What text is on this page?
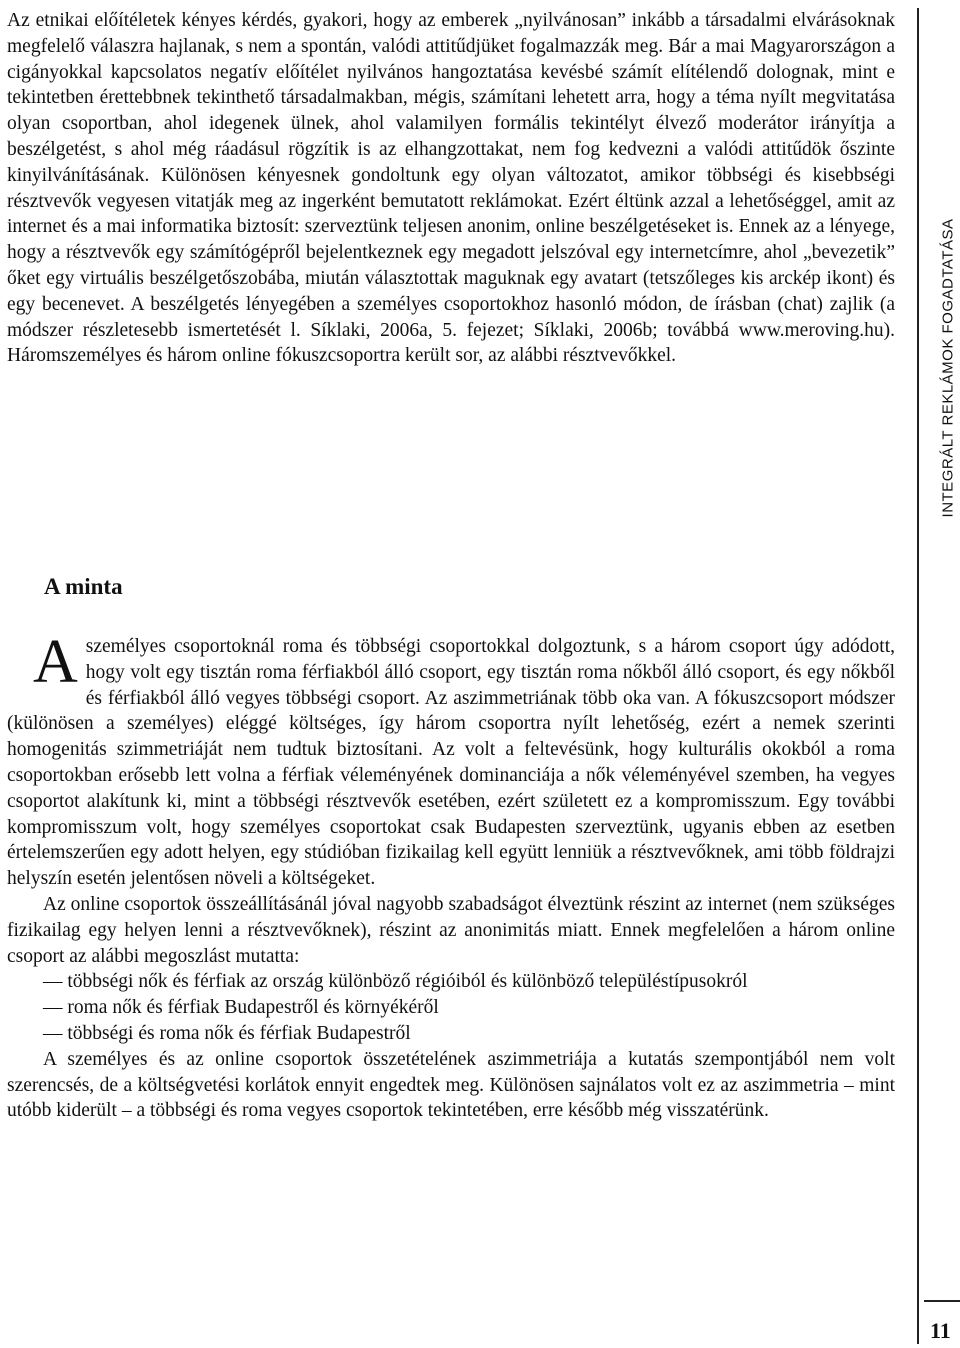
Az etnikai előítéletek kényes kérdés, gyakori, hogy az emberek „nyilvánosan” inkább a társadalmi elvárásoknak megfelelő válaszra hajlanak, s nem a spontán, valódi attitűdjüket fogalmazzák meg. Bár a mai Magyarországon a cigányokkal kapcsolatos negatív előítélet nyilvános hangoztatása kevésbé számít elítélendő dolognak, mint e tekintetben érettebbnek tekinthető társadalmakban, mégis, számítani lehetett arra, hogy a téma nyílt megvitatása olyan csoportban, ahol idegenek ülnek, ahol valamilyen formális tekintélyt élvező moderátor irányítja a beszélgetést, s ahol még ráadásul rögzítik is az elhangzottakat, nem fog kedvezni a valódi attitűdök őszinte kinyilvánításának. Különösen kényesnek gondoltunk egy olyan változatot, amikor többségi és kisebbségi résztvevők vegyesen vitatják meg az ingerként bemutatott reklámokat. Ezért éltünk azzal a lehetőséggel, amit az internet és a mai informatika biztosít: szerveztünk teljesen anonim, online beszélgetéseket is. Ennek az a lényege, hogy a résztvevők egy számítógépről bejelentkeznek egy megadott jelszóval egy internetcímre, ahol „bevezetik” őket egy virtuális beszélgetőszobába, miután választottak maguknak egy avatart (tetszőleges kis arckép ikont) és egy becenevet. A beszélgetés lényegében a személyes csoportokhoz hasonló módon, de írásban (chat) zajlik (a módszer részletesebb ismertetését l. Síklaki, 2006a, 5. fejezet; Síklaki, 2006b; továbbá www.meroving.hu). Háromszemélyes és három online fókuszcsoportra került sor, az alábbi résztvevőkkel.

A minta

A személyes csoportoknál roma és többségi csoportokkal dolgoztunk, s a három csoport úgy adódott, hogy volt egy tisztán roma férfiakból álló csoport, egy tisztán roma nőkből álló csoport, és egy nőkből és férfiakból álló vegyes többségi csoport. Az aszimmetriának több oka van. A fókuszcsoport módszer (különösen a személyes) eléggé költséges, így három csoportra nyílt lehetőség, ezért a nemek szerinti homogenitás szimmetriáját nem tudtuk biztosítani. Az volt a feltevésünk, hogy kulturális okokból a roma csoportokban erősebb lett volna a férfiak véleményének dominanciája a nők véleményével szemben, ha vegyes csoportot alakítunk ki, mint a többségi résztvevők esetében, ezért született ez a kompromisszum. Egy további kompromisszum volt, hogy személyes csoportokat csak Budapesten szerveztünk, ugyanis ebben az esetben értelemszerűen egy adott helyen, egy stúdióban fizikailag kell együtt lenniük a résztvevőknek, ami több földrajzi helyszín esetén jelentősen növeli a költségeket.

Az online csoportok összeállításánál jóval nagyobb szabadságot élveztünk részint az internet (nem szükséges fizikailag egy helyen lenni a résztvevőknek), részint az anonimitás miatt. Ennek megfelelően a három online csoport az alábbi megoszlást mutatta:

— többségi nők és férfiak az ország különböző régióiból és különböző településtípusokról

— roma nők és férfiak Budapestről és környékéről

— többségi és roma nők és férfiak Budapestről

A személyes és az online csoportok összetételének aszimmetriája a kutatás szempontjából nem volt szerencsés, de a költségvetési korlátok ennyit engedtek meg. Különösen sajnálatos volt ez az aszimmetria – mint utóbb kiderült – a többségi és roma vegyes csoportok tekintetében, erre később még visszatérünk.

INTEGRÁLT REKLÁMOK FOGADTATÁSA

11
